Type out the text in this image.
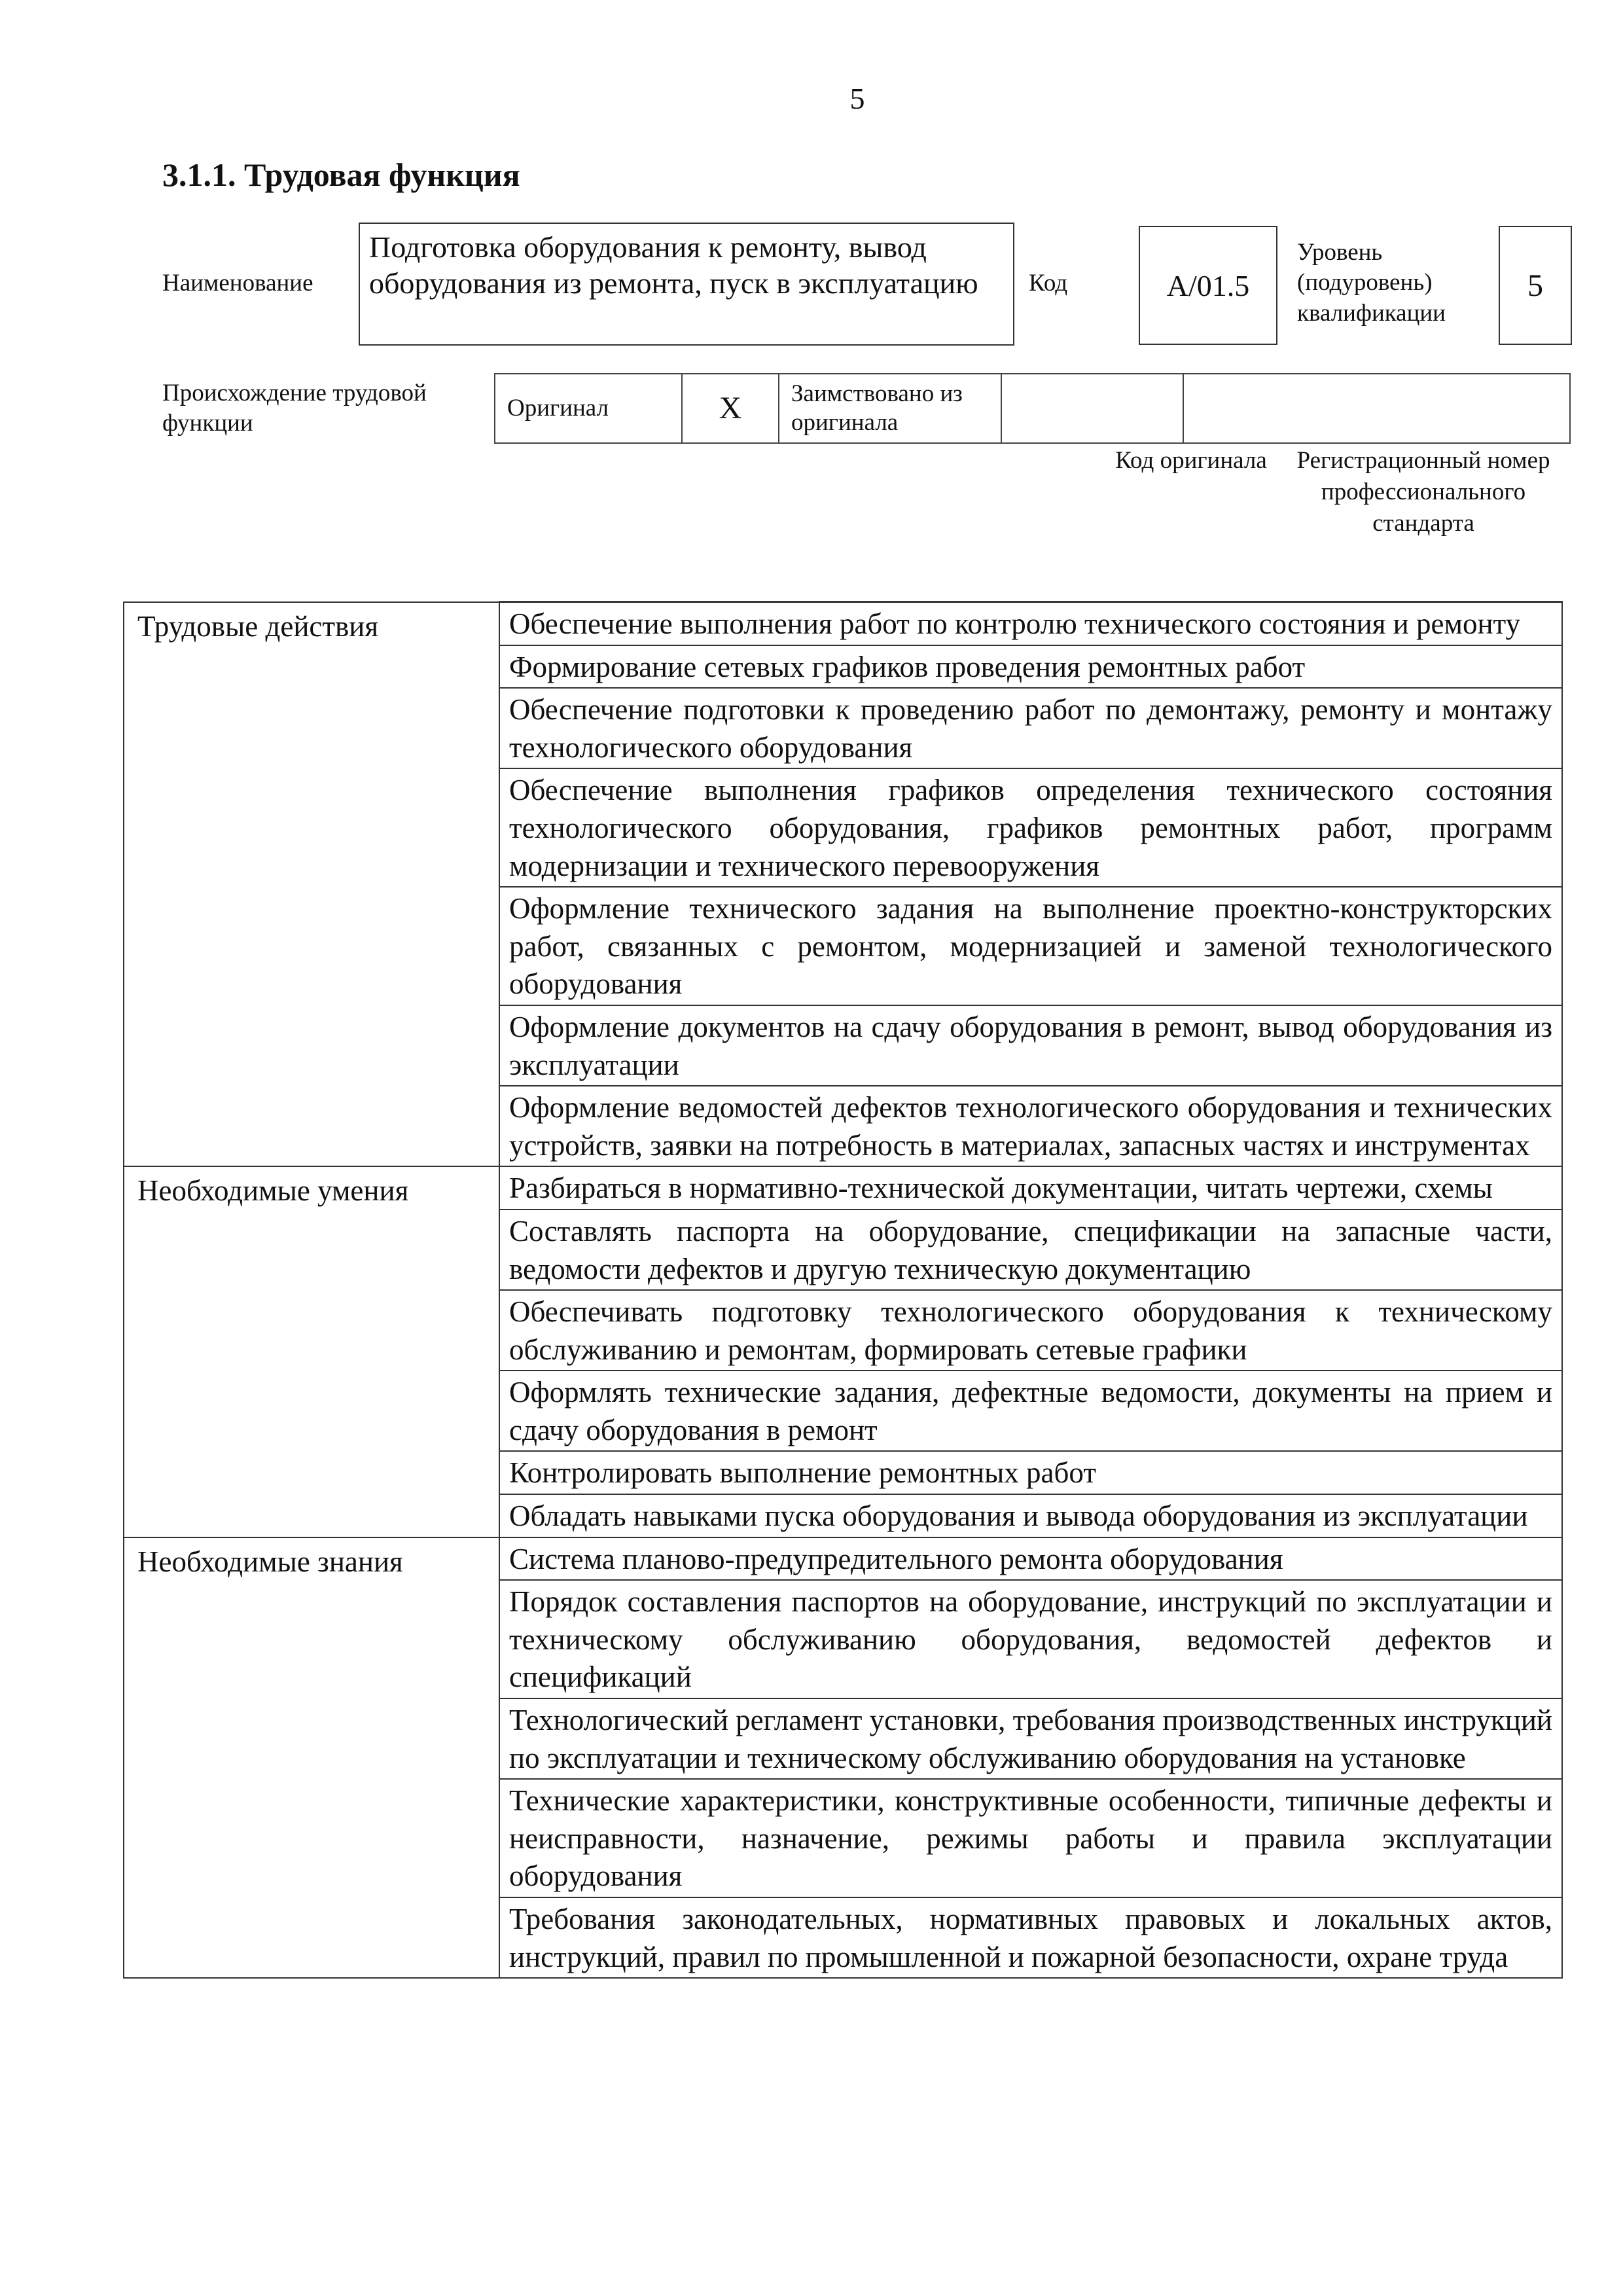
5
3.1.1. Трудовая функция
Наименование
Подготовка оборудования к ремонту, вывод оборудования из ремонта, пуск в эксплуатацию	Код	А/01.5
Уровень (подуровень) квалификации
5
Происхождение трудовой функции
Оригинал	X	Заимствовано из оригинала		
Код оригинала	Регистрационный номер профессионального стандарта
Трудовые действия	Обеспечение выполнения работ по контролю технического состояния и ремонту

	Формирование сетевых графиков проведения ремонтных работ

	Обеспечение подготовки к проведению работ по демонтажу, ремонту и монтажу технологического оборудования

	Обеспечение выполнения графиков определения технического состояния технологического оборудования, графиков ремонтных работ, программ модернизации и технического перевооружения

	Оформление технического задания на выполнение проектно-конструкторских работ, связанных с ремонтом, модернизацией и заменой технологического оборудования

	Оформление документов на сдачу оборудования в ремонт, вывод оборудования из эксплуатации

	Оформление ведомостей дефектов технологического оборудования и технических устройств, заявки на потребность в материалах, запасных частях и инструментах

Необходимые умения	Разбираться в нормативно-технической документации, читать чертежи, схемы

	Составлять паспорта на оборудование, спецификации на запасные части, ведомости дефектов и другую техническую документацию

	Обеспечивать подготовку технологического оборудования к техническому обслуживанию и ремонтам, формировать сетевые графики

	Оформлять технические задания, дефектные ведомости, документы на прием и сдачу оборудования в ремонт

	Контролировать выполнение ремонтных работ

	Обладать навыками пуска оборудования и вывода оборудования из эксплуатации

Необходимые знания	Система планово-предупредительного ремонта оборудования

	Порядок составления паспортов на оборудование, инструкций по эксплуатации и техническому обслуживанию оборудования, ведомостей дефектов и спецификаций

	Технологический регламент установки, требования производственных инструкций по эксплуатации и техническому обслуживанию оборудования на установке

	Технические характеристики, конструктивные особенности, типичные дефекты и неисправности, назначение, режимы работы и правила эксплуатации оборудования

	Требования законодательных, нормативных правовых и локальных актов, инструкций, правил по промышленной и пожарной безопасности, охране труда
